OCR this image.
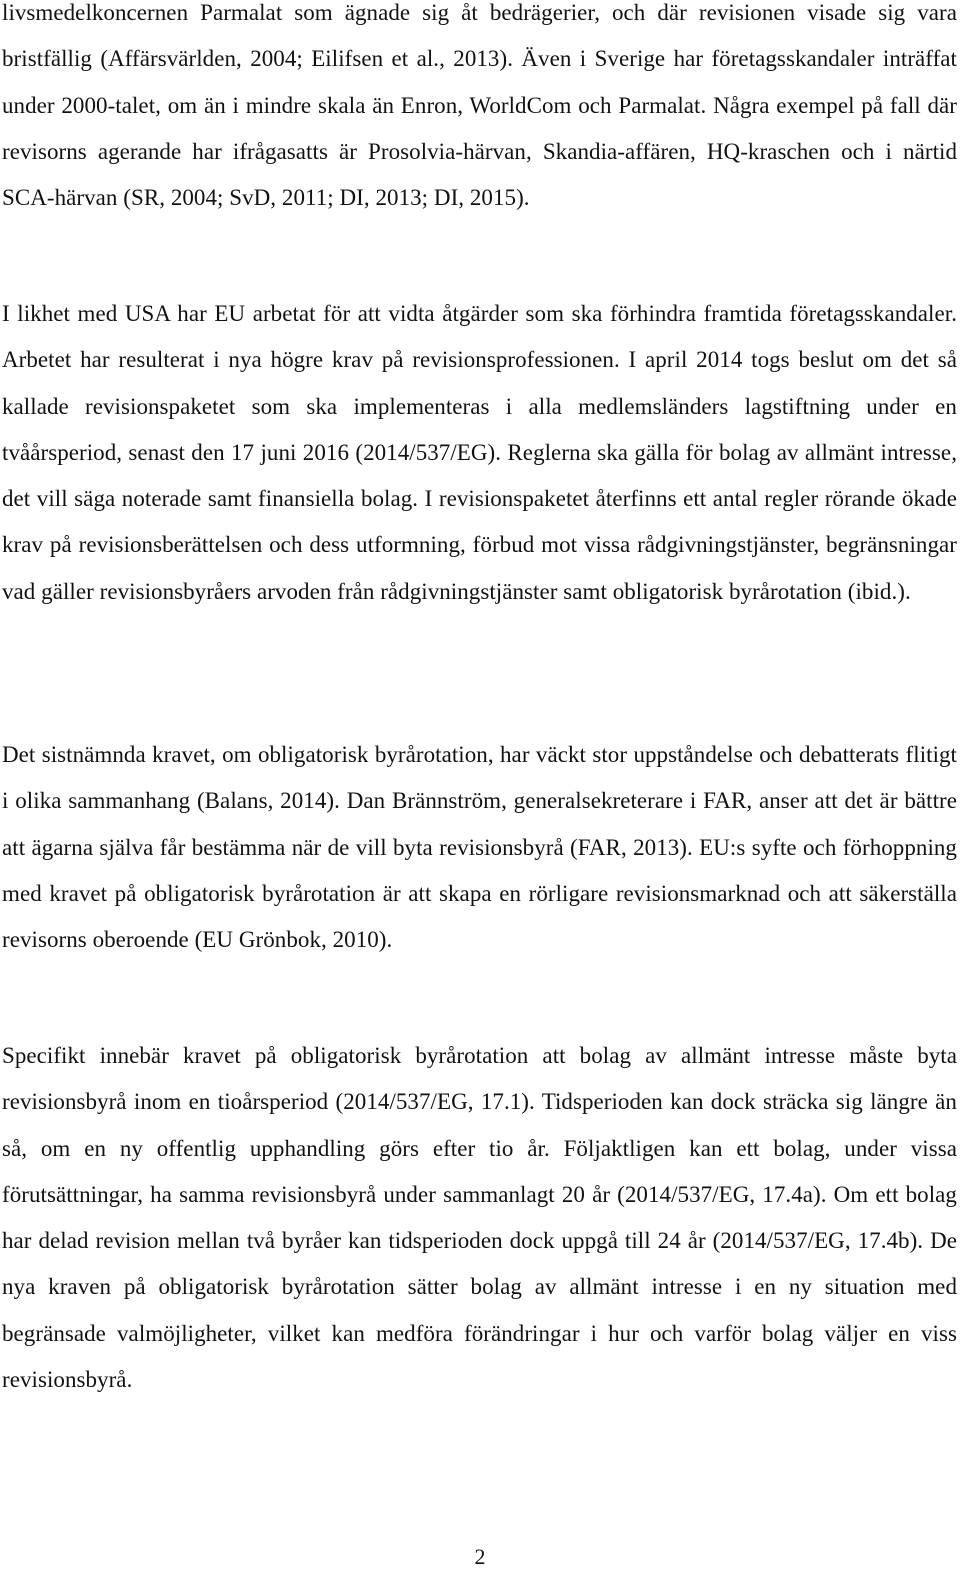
livsmedelkoncernen Parmalat som ägnade sig åt bedrägerier, och där revisionen visade sig vara bristfällig (Affärsvärlden, 2004; Eilifsen et al., 2013). Även i Sverige har företagsskandaler inträffat under 2000-talet, om än i mindre skala än Enron, WorldCom och Parmalat. Några exempel på fall där revisorns agerande har ifrågasatts är Prosolvia-härvan, Skandia-affären, HQ-kraschen och i närtid SCA-härvan (SR, 2004; SvD, 2011; DI, 2013; DI, 2015).

I likhet med USA har EU arbetat för att vidta åtgärder som ska förhindra framtida företagsskandaler. Arbetet har resulterat i nya högre krav på revisionsprofessionen. I april 2014 togs beslut om det så kallade revisionspaketet som ska implementeras i alla medlemsländers lagstiftning under en tvåårsperiod, senast den 17 juni 2016 (2014/537/EG). Reglerna ska gälla för bolag av allmänt intresse, det vill säga noterade samt finansiella bolag. I revisionspaketet återfinns ett antal regler rörande ökade krav på revisionsberättelsen och dess utformning, förbud mot vissa rådgivningstjänster, begränsningar vad gäller revisionsbyråers arvoden från rådgivningstjänster samt obligatorisk byrårotation (ibid.).

Det sistnämnda kravet, om obligatorisk byrårotation, har väckt stor uppståndelse och debatterats flitigt i olika sammanhang (Balans, 2014). Dan Brännström, generalsekreterare i FAR, anser att det är bättre att ägarna själva får bestämma när de vill byta revisionsbyrå (FAR, 2013). EU:s syfte och förhoppning med kravet på obligatorisk byrårotation är att skapa en rörligare revisionsmarknad och att säkerställa revisorns oberoende (EU Grönbok, 2010).

Specifikt innebär kravet på obligatorisk byrårotation att bolag av allmänt intresse måste byta revisionsbyrå inom en tioårsperiod (2014/537/EG, 17.1). Tidsperioden kan dock sträcka sig längre än så, om en ny offentlig upphandling görs efter tio år. Följaktligen kan ett bolag, under vissa förutsättningar, ha samma revisionsbyrå under sammanlagt 20 år (2014/537/EG, 17.4a). Om ett bolag har delad revision mellan två byråer kan tidsperioden dock uppgå till 24 år (2014/537/EG, 17.4b). De nya kraven på obligatorisk byrårotation sätter bolag av allmänt intresse i en ny situation med begränsade valmöjligheter, vilket kan medföra förändringar i hur och varför bolag väljer en viss revisionsbyrå.

2
